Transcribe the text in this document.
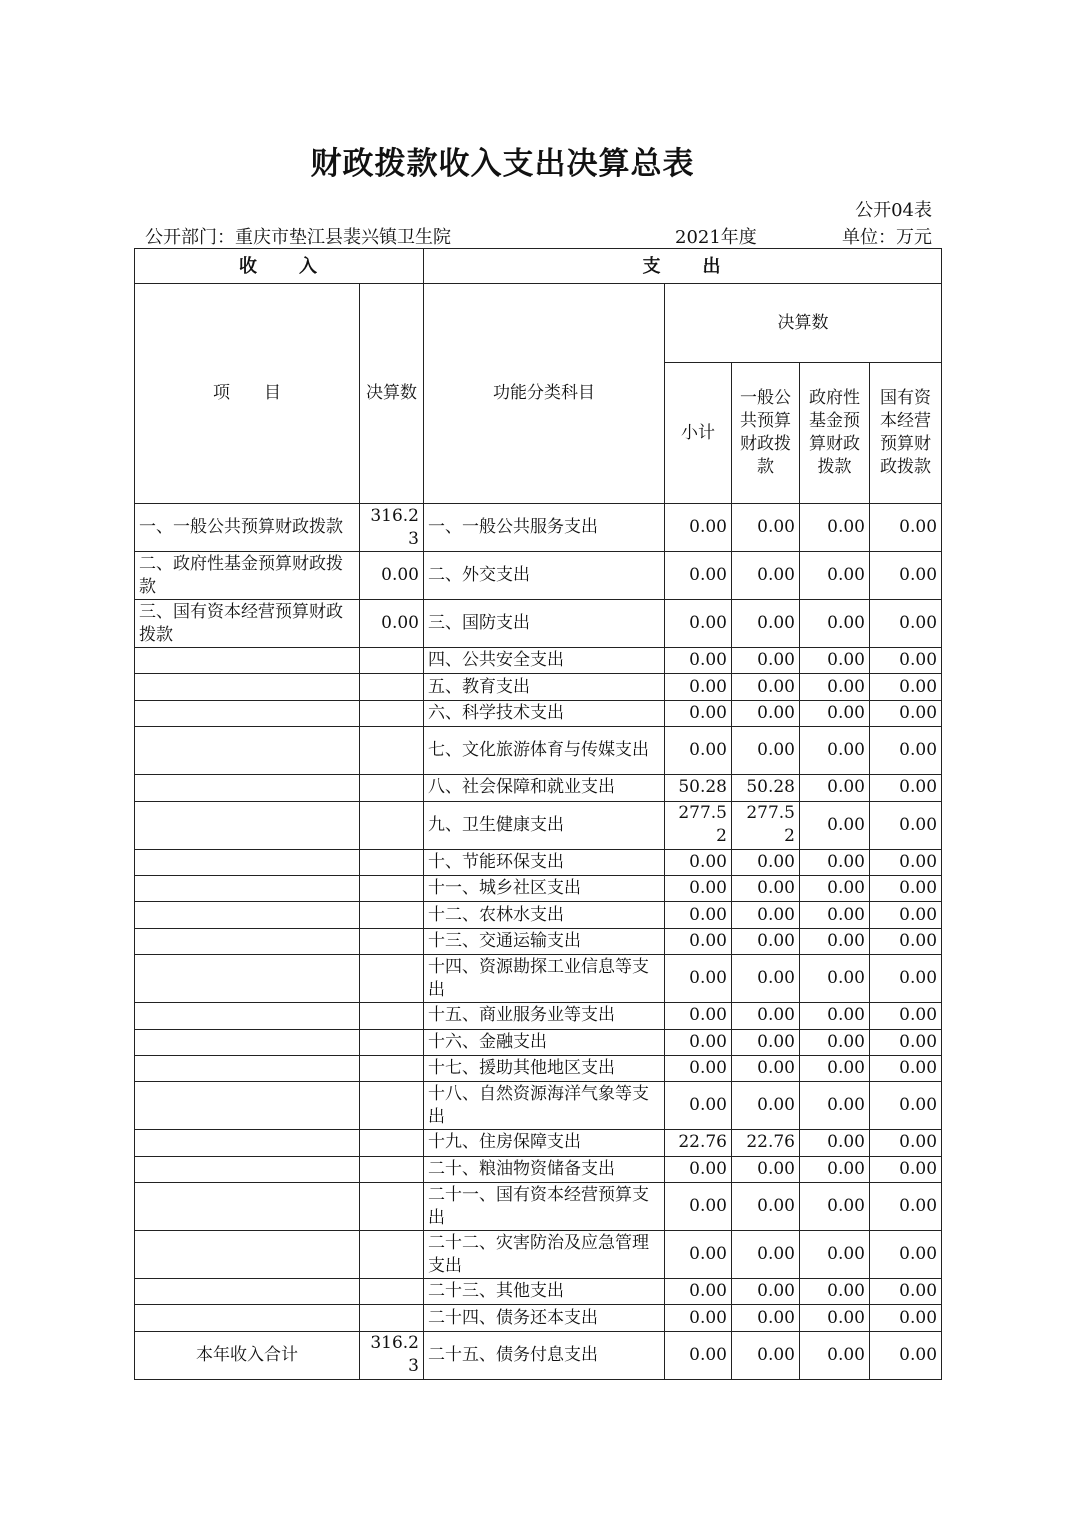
财政拨款收入支出决算总表
公开04表
公开部门：重庆市垫江县裴兴镇卫生院	2021年度	单位：万元
收　　入		支　　出				
项　　目	决算数	功能分类科目	决算数			
			小计	一般公共预算财政拨款	政府性基金预算财政拨款	国有资本经营预算财政拨款
一、一般公共预算财政拨款	316.23	一、一般公共服务支出	0.00	0.00	0.00	0.00
二、政府性基金预算财政拨款	0.00	二、外交支出	0.00	0.00	0.00	0.00
三、国有资本经营预算财政拨款	0.00	三、国防支出	0.00	0.00	0.00	0.00
		四、公共安全支出	0.00	0.00	0.00	0.00
		五、教育支出	0.00	0.00	0.00	0.00
		六、科学技术支出	0.00	0.00	0.00	0.00
		七、文化旅游体育与传媒支出	0.00	0.00	0.00	0.00
		八、社会保障和就业支出	50.28	50.28	0.00	0.00
		九、卫生健康支出	277.52	277.52	0.00	0.00
		十、节能环保支出	0.00	0.00	0.00	0.00
		十一、城乡社区支出	0.00	0.00	0.00	0.00
		十二、农林水支出	0.00	0.00	0.00	0.00
		十三、交通运输支出	0.00	0.00	0.00	0.00
		十四、资源勘探工业信息等支出	0.00	0.00	0.00	0.00
		十五、商业服务业等支出	0.00	0.00	0.00	0.00
		十六、金融支出	0.00	0.00	0.00	0.00
		十七、援助其他地区支出	0.00	0.00	0.00	0.00
		十八、自然资源海洋气象等支出	0.00	0.00	0.00	0.00
		十九、住房保障支出	22.76	22.76	0.00	0.00
		二十、粮油物资储备支出	0.00	0.00	0.00	0.00
		二十一、国有资本经营预算支出	0.00	0.00	0.00	0.00
		二十二、灾害防治及应急管理支出	0.00	0.00	0.00	0.00
		二十三、其他支出	0.00	0.00	0.00	0.00
		二十四、债务还本支出	0.00	0.00	0.00	0.00
本年收入合计	316.23	二十五、债务付息支出	0.00	0.00	0.00	0.00
